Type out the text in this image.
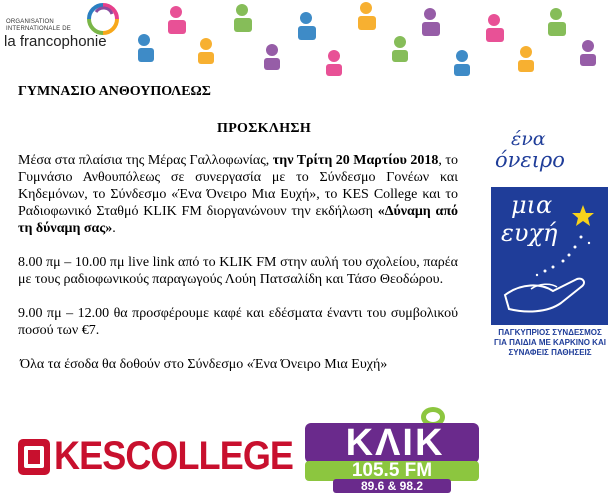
ORGANISATION
INTERNATIONALE DE
la francophonie
ΓΥΜΝΑΣΙΟ ΑΝΘΟΥΠΟΛΕΩΣ
ΠΡΟΣΚΛΗΣΗ

Μέσα στα πλαίσια της Μέρας Γαλλοφωνίας, την Τρίτη 20 Μαρτίου 2018, το Γυμνάσιο Ανθουπόλεως σε συνεργασία με το Σύνδεσμο Γονέων και Κηδεμόνων, το Σύνδεσμο «Ένα Όνειρο Μια Ευχή», το KES College και το Ραδιοφωνικό Σταθμό KLIK FM διοργανώνουν την εκδήλωση «Δύναμη από τη δύναμη σας».

8.00 πμ – 10.00 πμ live link από το KLIK FM στην αυλή του σχολείου, παρέα με τους ραδιοφωνικούς παραγωγούς Λούη Πατσαλίδη και Τάσο Θεοδώρου.

9.00 πμ – 12.00 θα προσφέρουμε καφέ και εδέσματα έναντι του συμβολικού ποσού των €7.

Όλα τα έσοδα θα δοθούν στο Σύνδεσμο «Ένα Όνειρο Μια Ευχή»

ένα
όνειρο
μια
ευχή
ΠΑΓΚΥΠΡΙΟΣ ΣΥΝΔΕΣΜΟΣ
ΓΙΑ ΠΑΙΔΙΑ ΜΕ ΚΑΡΚΙΝΟ ΚΑΙ
ΣΥΝΑΦΕΙΣ ΠΑΘΗΣΕΙΣ
KESCOLLEGE	ΚΛΙΚ
105.5 FM
89.6 & 98.2
